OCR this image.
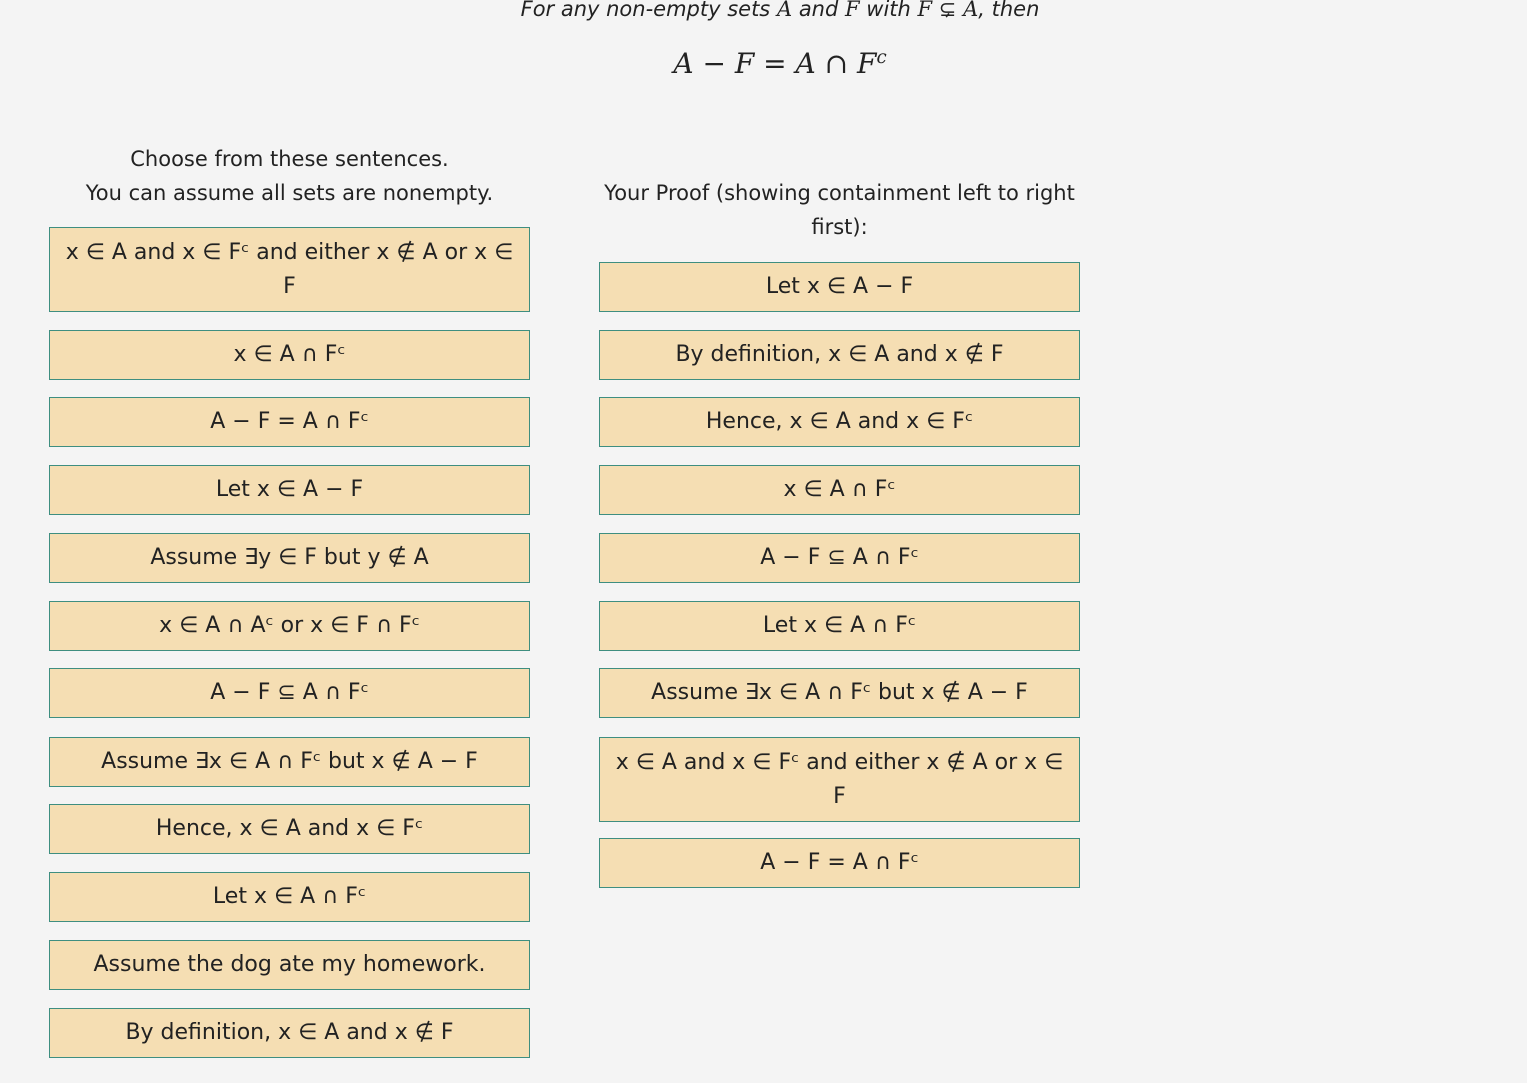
For any non-empty sets A and F with F ⊊ A, then
A − F = A ∩ $F^c$
Choose from these sentences.
You can assume all sets are nonempty.	Your Proof (showing containment left to right
first):
x ∈ A and x ∈ Fᶜ and either x ∉ A or x ∈ F
x ∈ A ∩ Fᶜ
A − F = A ∩ Fᶜ
Let x ∈ A − F
Assume ∃y ∈ F but y ∉ A
x ∈ A ∩ Aᶜ or x ∈ F ∩ Fᶜ
A − F ⊆ A ∩ Fᶜ
Assume ∃x ∈ A ∩ Fᶜ but x ∉ A − F
Hence, x ∈ A and x ∈ Fᶜ
Let x ∈ A ∩ Fᶜ
Assume the dog ate my homework.
By definition, x ∈ A and x ∉ F
Let x ∈ A − F
By definition, x ∈ A and x ∉ F
Hence, x ∈ A and x ∈ Fᶜ
x ∈ A ∩ Fᶜ
A − F ⊆ A ∩ Fᶜ
Let x ∈ A ∩ Fᶜ
Assume ∃x ∈ A ∩ Fᶜ but x ∉ A − F
x ∈ A and x ∈ Fᶜ and either x ∉ A or x ∈ F
A − F = A ∩ Fᶜ
